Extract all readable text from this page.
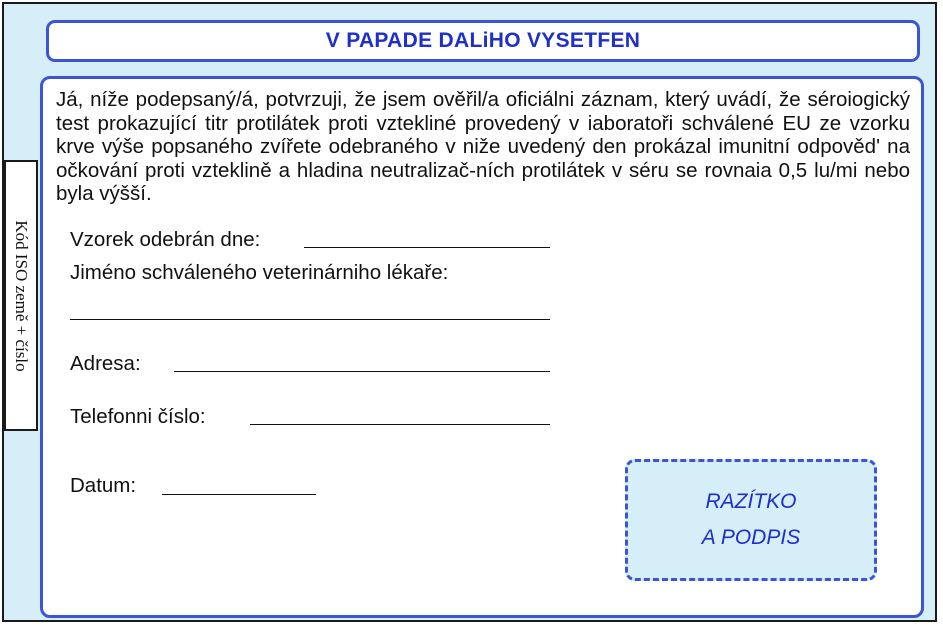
V PAPADE DALiHO VYSETFEN

Já, níže podepsaný/á, potvrzuji, že jsem ověřil/a oficiálni záznam, který uvádí, že séroiogický test prokazující titr protilátek proti vztekliné provedený v iaboratoři schválené EU ze vzorku krve výše popsaného zvířete odebraného v niže uvedený den prokázal imunitní odpověd' na očkování proti vzteklině a hladina neutralizač-ních protilátek v séru se rovnaia 0,5 lu/mi nebo byla výšší.

Vzorek odebrán dne:
Jiméno schváleného veterinárniho lékaře:
Adresa:
Telefonni číslo:
Datum:
RAZÍTKO
A PODPIS
Kód ISO země + číslo
